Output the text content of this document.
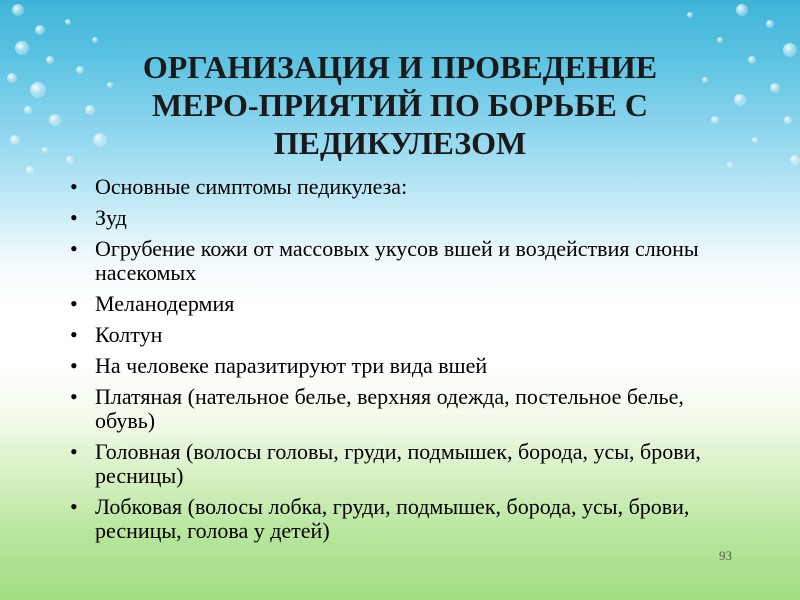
ОРГАНИЗАЦИЯ И ПРОВЕДЕНИЕ
МЕРО-ПРИЯТИЙ ПО БОРЬБЕ С
ПЕДИКУЛЕЗОМ
• Основные симптомы педикулеза:
• Зуд
• Огрубение кожи от массовых укусов вшей и воздействия слюны насекомых
• Меланодермия
• Колтун
• На человеке паразитируют три вида вшей
• Платяная (нательное белье, верхняя одежда, постельное белье, обувь)
• Головная (волосы головы, груди, подмышек, борода, усы, брови, ресницы)
• Лобковая (волосы лобка, груди, подмышек, борода, усы, брови, ресницы, голова у детей)
93
